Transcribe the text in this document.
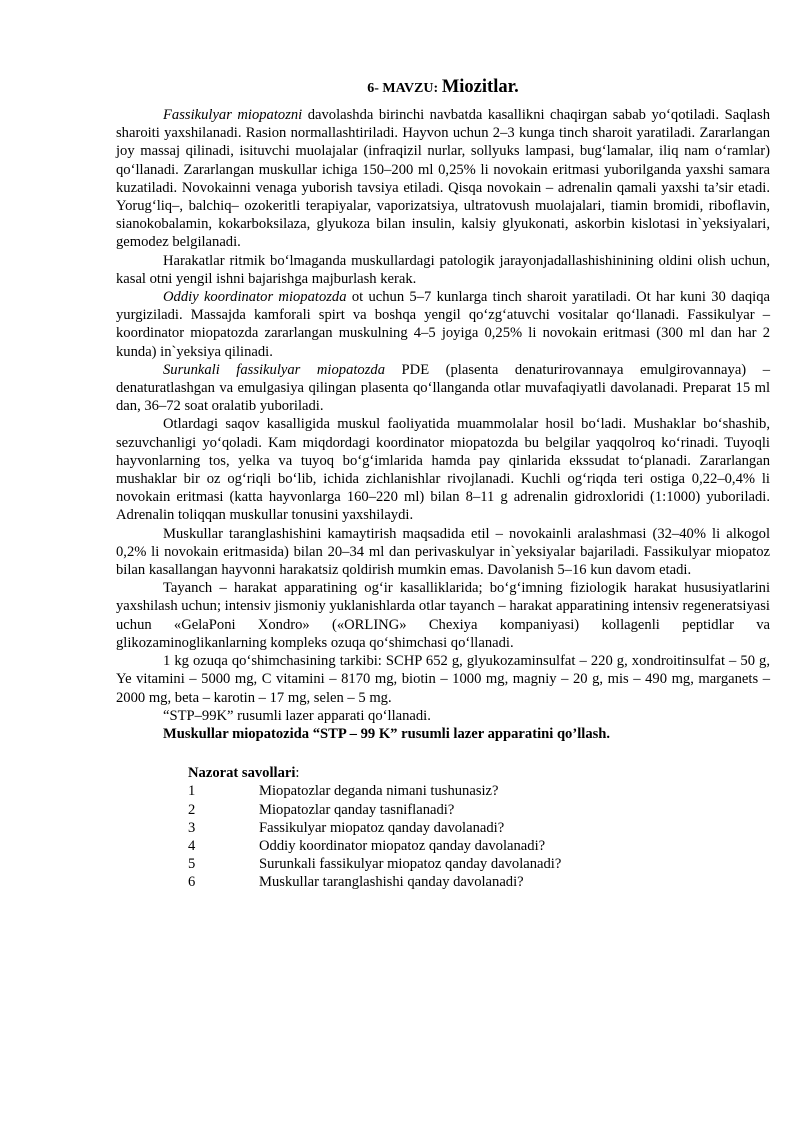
6- MAVZU: Miozitlar.

Fassikulyar miopatozni davolashda birinchi navbatda kasallikni chaqirgan sabab yo‘qotiladi. Saqlash sharoiti yaxshilanadi. Rasion normallashtiriladi. Hayvon uchun 2–3 kunga tinch sharoit yaratiladi. Zararlangan joy massaj qilinadi, isituvchi muolajalar (infraqizil nurlar, sollyuks lampasi, bug‘lamalar, iliq nam o‘ramlar) qo‘llanadi. Zararlangan muskullar ichiga 150–200 ml 0,25% li novokain eritmasi yuborilganda yaxshi samara kuzatiladi. Novokainni venaga yuborish tavsiya etiladi. Qisqa novokain – adrenalin qamali yaxshi ta’sir etadi. Yorug‘liq–, balchiq– ozokeritli terapiyalar, vaporizatsiya, ultratovush muolajalari, tiamin bromidi, riboflavin, sianokobalamin, kokarboksilaza, glyukoza bilan insulin, kalsiy glyukonati, askorbin kislotasi in`yeksiyalari, gemodez belgilanadi.

Harakatlar ritmik bo‘lmaganda muskullardagi patologik jarayonjadallashishinining oldini olish uchun, kasal otni yengil ishni bajarishga majburlash kerak.

Oddiy koordinator miopatozda ot uchun 5–7 kunlarga tinch sharoit yaratiladi. Ot har kuni 30 daqiqa yurgiziladi. Massajda kamforali spirt va boshqa yengil qo‘zg‘atuvchi vositalar qo‘llanadi. Fassikulyar – koordinator miopatozda zararlangan muskulning 4–5 joyiga 0,25% li novokain eritmasi (300 ml dan har 2 kunda) in`yeksiya qilinadi.

Surunkali fassikulyar miopatozda PDE (plasenta denaturirovannaya emulgirovannaya) – denaturatlashgan va emulgasiya qilingan plasenta qo‘llanganda otlar muvafaqiyatli davolanadi. Preparat 15 ml dan, 36–72 soat oralatib yuboriladi.

Otlardagi saqov kasalligida muskul faoliyatida muammolalar hosil bo‘ladi. Mushaklar bo‘shashib, sezuvchanligi yo‘qoladi. Kam miqdordagi koordinator miopatozda bu belgilar yaqqolroq ko‘rinadi. Tuyoqli hayvonlarning tos, yelka va tuyoq bo‘g‘imlarida hamda pay qinlarida ekssudat to‘planadi. Zararlangan mushaklar bir oz og‘riqli bo‘lib, ichida zichlanishlar rivojlanadi. Kuchli og‘riqda teri ostiga 0,22–0,4% li novokain eritmasi (katta hayvonlarga 160–220 ml) bilan 8–11 g adrenalin gidroxloridi (1:1000) yuboriladi. Adrenalin toliqqan muskullar tonusini yaxshilaydi.

Muskullar taranglashishini kamaytirish maqsadida etil – novokainli aralashmasi (32–40% li alkogol 0,2% li novokain eritmasida) bilan 20–34 ml dan perivaskulyar in`yeksiyalar bajariladi. Fassikulyar miopatoz bilan kasallangan hayvonni harakatsiz qoldirish mumkin emas. Davolanish 5–16 kun davom etadi.

Tayanch – harakat apparatining og‘ir kasalliklarida; bo‘g‘imning fiziologik harakat hususiyatlarini yaxshilash uchun; intensiv jismoniy yuklanishlarda otlar tayanch – harakat apparatining intensiv regeneratsiyasi uchun «GelaPoni Xondro» («ORLING» Chexiya kompaniyasi) kollagenli peptidlar va glikozaminoglikanlarning kompleks ozuqa qo‘shimchasi qo‘llanadi.

1 kg ozuqa qo‘shimchasining tarkibi: SCHP 652 g, glyukozaminsulfat – 220 g, xondroitinsulfat – 50 g, Ye vitamini – 5000 mg, C vitamini – 8170 mg, biotin – 1000 mg, magniy – 20 g, mis – 490 mg, marganets – 2000 mg, beta – karotin – 17 mg, selen – 5 mg.

“STP–99K” rusumli lazer apparati qo‘llanadi.

Muskullar miopatozida “STP – 99 K” rusumli lazer apparatini qo’llash.

Nazorat savollari:
1	Miopatozlar deganda nimani tushunasiz?
2	Miopatozlar qanday tasniflanadi?
3	Fassikulyar miopatoz qanday davolanadi?
4	Oddiy koordinator miopatoz qanday davolanadi?
5	Surunkali fassikulyar miopatoz qanday davolanadi?
6	Muskullar taranglashishi qanday davolanadi?
